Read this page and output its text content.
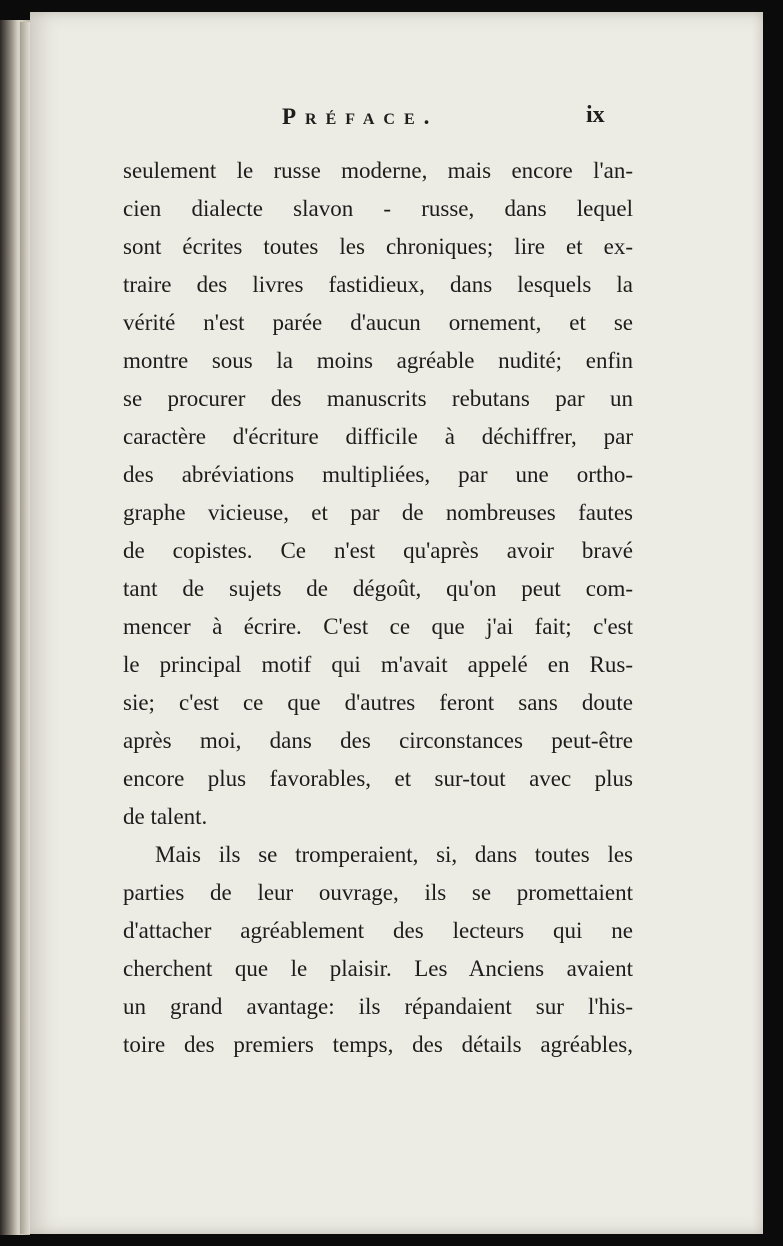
Préface.	ix
seulement le russe moderne, mais encore l'an-
cien dialecte slavon - russe, dans lequel
sont écrites toutes les chroniques; lire et ex-
traire des livres fastidieux, dans lesquels la
vérité n'est parée d'aucun ornement, et se
montre sous la moins agréable nudité; enfin
se procurer des manuscrits rebutans par un
caractère d'écriture difficile à déchiffrer, par
des abréviations multipliées, par une ortho-
graphe vicieuse, et par de nombreuses fautes
de copistes. Ce n'est qu'après avoir bravé
tant de sujets de dégoût, qu'on peut com-
mencer à écrire. C'est ce que j'ai fait; c'est
le principal motif qui m'avait appelé en Rus-
sie; c'est ce que d'autres feront sans doute
après moi, dans des circonstances peut-être
encore plus favorables, et sur-tout avec plus
de talent.
Mais ils se tromperaient, si, dans toutes les
parties de leur ouvrage, ils se promettaient
d'attacher agréablement des lecteurs qui ne
cherchent que le plaisir. Les Anciens avaient
un grand avantage: ils répandaient sur l'his-
toire des premiers temps, des détails agréables,
